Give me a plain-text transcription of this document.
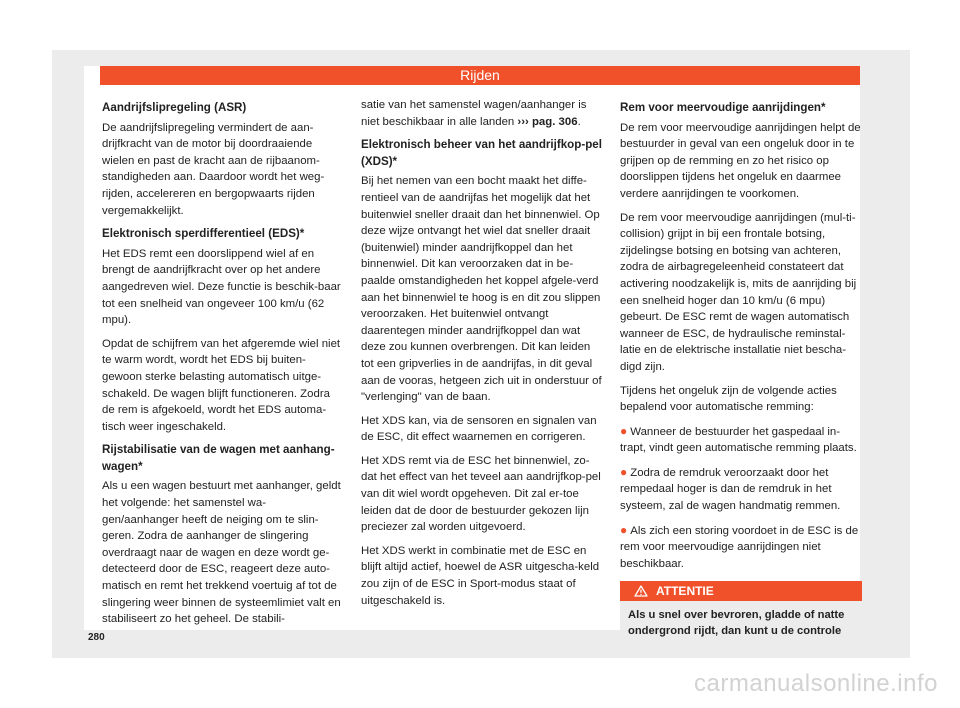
Rijden
Aandrijfslipregeling (ASR)

De aandrijfslipregeling vermindert de aan-drijfkracht van de motor bij doordraaiende wielen en past de kracht aan de rijbaanom-standigheden aan. Daardoor wordt het weg-rijden, accelereren en bergopwaarts rijden vergemakkelijkt.

Elektronisch sperdifferentieel (EDS)*

Het EDS remt een doorslippend wiel af en brengt de aandrijfkracht over op het andere aangedreven wiel. Deze functie is beschik-baar tot een snelheid van ongeveer 100 km/u (62 mpu).

Opdat de schijfrem van het afgeremde wiel niet te warm wordt, wordt het EDS bij buiten-gewoon sterke belasting automatisch uitge-schakeld. De wagen blijft functioneren. Zodra de rem is afgekoeld, wordt het EDS automa-tisch weer ingeschakeld.

Rijstabilisatie van de wagen met aanhang-wagen*

Als u een wagen bestuurt met aanhanger, geldt het volgende: het samenstel wa-gen/aanhanger heeft de neiging om te slin-geren. Zodra de aanhanger de slingering overdraagt naar de wagen en deze wordt ge-detecteerd door de ESC, reageert deze auto-matisch en remt het trekkend voertuig af tot de slingering weer binnen de systeemlimiet valt en stabiliseert zo het geheel. De stabili-

satie van het samenstel wagen/aanhanger is niet beschikbaar in alle landen ››› pag. 306.

Elektronisch beheer van het aandrijfkop-pel (XDS)*

Bij het nemen van een bocht maakt het diffe-rentieel van de aandrijfas het mogelijk dat het buitenwiel sneller draait dan het binnenwiel. Op deze wijze ontvangt het wiel dat sneller draait (buitenwiel) minder aandrijfkoppel dan het binnenwiel. Dit kan veroorzaken dat in be-paalde omstandigheden het koppel afgele-verd aan het binnenwiel te hoog is en dit zou slippen veroorzaken. Het buitenwiel ontvangt daarentegen minder aandrijfkoppel dan wat deze zou kunnen overbrengen. Dit kan leiden tot een gripverlies in de aandrijfas, in dit geval aan de vooras, hetgeen zich uit in onderstuur of "verlenging" van de baan.

Het XDS kan, via de sensoren en signalen van de ESC, dit effect waarnemen en corrigeren.

Het XDS remt via de ESC het binnenwiel, zo-dat het effect van het teveel aan aandrijfkop-pel van dit wiel wordt opgeheven. Dit zal er-toe leiden dat de door de bestuurder gekozen lijn preciezer zal worden uitgevoerd.

Het XDS werkt in combinatie met de ESC en blijft altijd actief, hoewel de ASR uitgescha-keld zou zijn of de ESC in Sport-modus staat of uitgeschakeld is.

Rem voor meervoudige aanrijdingen*

De rem voor meervoudige aanrijdingen helpt de bestuurder in geval van een ongeluk door in te grijpen op de remming en zo het risico op doorslippen tijdens het ongeluk en daarmee verdere aanrijdingen te voorkomen.

De rem voor meervoudige aanrijdingen (mul-ti-collision) grijpt in bij een frontale botsing, zijdelingse botsing en botsing van achteren, zodra de airbagregeleenheid constateert dat activering noodzakelijk is, mits de aanrijding bij een snelheid hoger dan 10 km/u (6 mpu) gebeurt. De ESC remt de wagen automatisch wanneer de ESC, de hydraulische reminstal-latie en de elektrische installatie niet bescha-digd zijn.

Tijdens het ongeluk zijn de volgende acties bepalend voor automatische remming:

● Wanneer de bestuurder het gaspedaal in-trapt, vindt geen automatische remming plaats.

● Zodra de remdruk veroorzaakt door het rempedaal hoger is dan de remdruk in het systeem, zal de wagen handmatig remmen.

● Als zich een storing voordoet in de ESC is de rem voor meervoudige aanrijdingen niet beschikbaar.

ATTENTIE
Als u snel over bevroren, gladde of natte ondergrond rijdt, dan kunt u de controle
280
carmanualsonline.info
